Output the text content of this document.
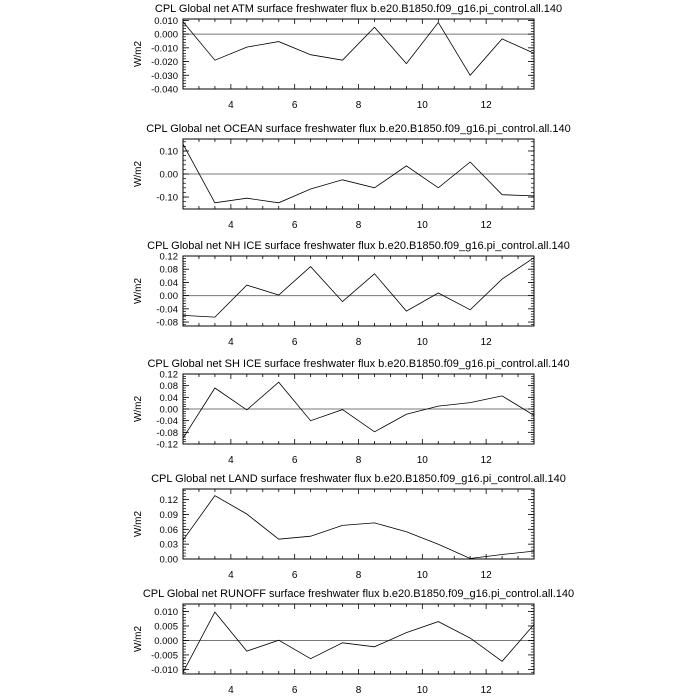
CPL Global net ATM surface freshwater flux b.e20.B1850.f09_g16.pi_control.all.140
W/m2
4	6	8	10	12
-0.040
-0.030
-0.020
-0.010
0.000
0.010
CPL Global net OCEAN surface freshwater flux b.e20.B1850.f09_g16.pi_control.all.140
W/m2
4	6	8	10	12
-0.10
0.00
0.10
CPL Global net NH ICE surface freshwater flux b.e20.B1850.f09_g16.pi_control.all.140
W/m2
4	6	8	10	12
-0.08
-0.04
0.00
0.04
0.08
0.12
CPL Global net SH ICE surface freshwater flux b.e20.B1850.f09_g16.pi_control.all.140
W/m2
4	6	8	10	12
-0.12
-0.08
-0.04
0.00
0.04
0.08
0.12
CPL Global net LAND surface freshwater flux b.e20.B1850.f09_g16.pi_control.all.140
W/m2
4	6	8	10	12
0.00
0.03
0.06
0.09
0.12
CPL Global net RUNOFF surface freshwater flux b.e20.B1850.f09_g16.pi_control.all.140
W/m2
4	6	8	10	12
-0.010
-0.005
0.000
0.005
0.010
